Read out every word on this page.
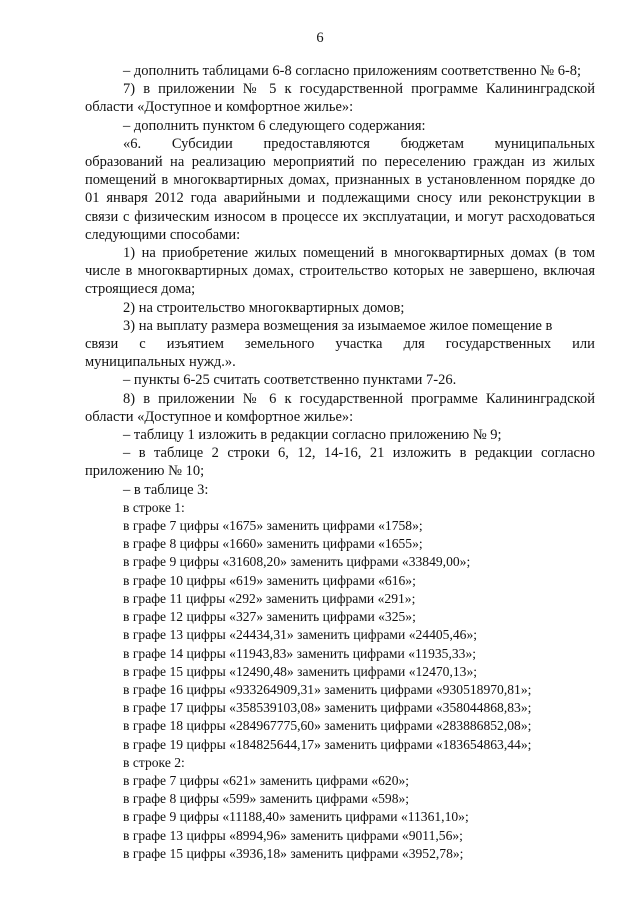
6

– дополнить таблицами 6-8 согласно приложениям соответственно № 6-8;

7) в приложении № 5 к государственной программе Калининградской области «Доступное и комфортное жилье»:

– дополнить пунктом 6 следующего содержания:

«6. Субсидии предоставляются бюджетам муниципальных

образований на реализацию мероприятий по переселению граждан из жилых помещений в многоквартирных домах, признанных в установленном порядке до 01 января 2012 года аварийными и подлежащими сносу или реконструкции в связи с физическим износом в процессе их эксплуатации, и могут расходоваться следующими способами:

1) на приобретение жилых помещений в многоквартирных домах (в том числе в многоквартирных домах, строительство которых не завершено, включая строящиеся дома;

2) на строительство многоквартирных домов;

3) на выплату размера возмещения за изымаемое жилое помещение в

связи с изъятием земельного участка для государственных или

муниципальных нужд.».

– пункты 6-25 считать соответственно пунктами 7-26.

8) в приложении № 6 к государственной программе Калининградской области «Доступное и комфортное жилье»:

– таблицу 1 изложить в редакции согласно приложению № 9;

– в таблице 2 строки 6, 12, 14-16, 21 изложить в редакции согласно приложению № 10;

– в таблице 3:

в строке 1:

в графе 7 цифры «1675» заменить цифрами «1758»;
в графе 8 цифры «1660» заменить цифрами «1655»;
в графе 9 цифры «31608,20» заменить цифрами «33849,00»;
в графе 10 цифры «619» заменить цифрами «616»;
в графе 11 цифры «292» заменить цифрами «291»;
в графе 12 цифры «327» заменить цифрами «325»;
в графе 13 цифры «24434,31» заменить цифрами «24405,46»;
в графе 14 цифры «11943,83» заменить цифрами «11935,33»;
в графе 15 цифры «12490,48» заменить цифрами «12470,13»;
в графе 16 цифры «933264909,31» заменить цифрами «930518970,81»;
в графе 17 цифры «358539103,08» заменить цифрами «358044868,83»;
в графе 18 цифры «284967775,60» заменить цифрами «283886852,08»;
в графе 19 цифры «184825644,17» заменить цифрами «183654863,44»;

в строке 2:

в графе 7 цифры «621» заменить цифрами «620»;
в графе 8 цифры «599» заменить цифрами «598»;
в графе 9 цифры «11188,40» заменить цифрами «11361,10»;
в графе 13 цифры «8994,96» заменить цифрами «9011,56»;
в графе 15 цифры «3936,18» заменить цифрами «3952,78»;
